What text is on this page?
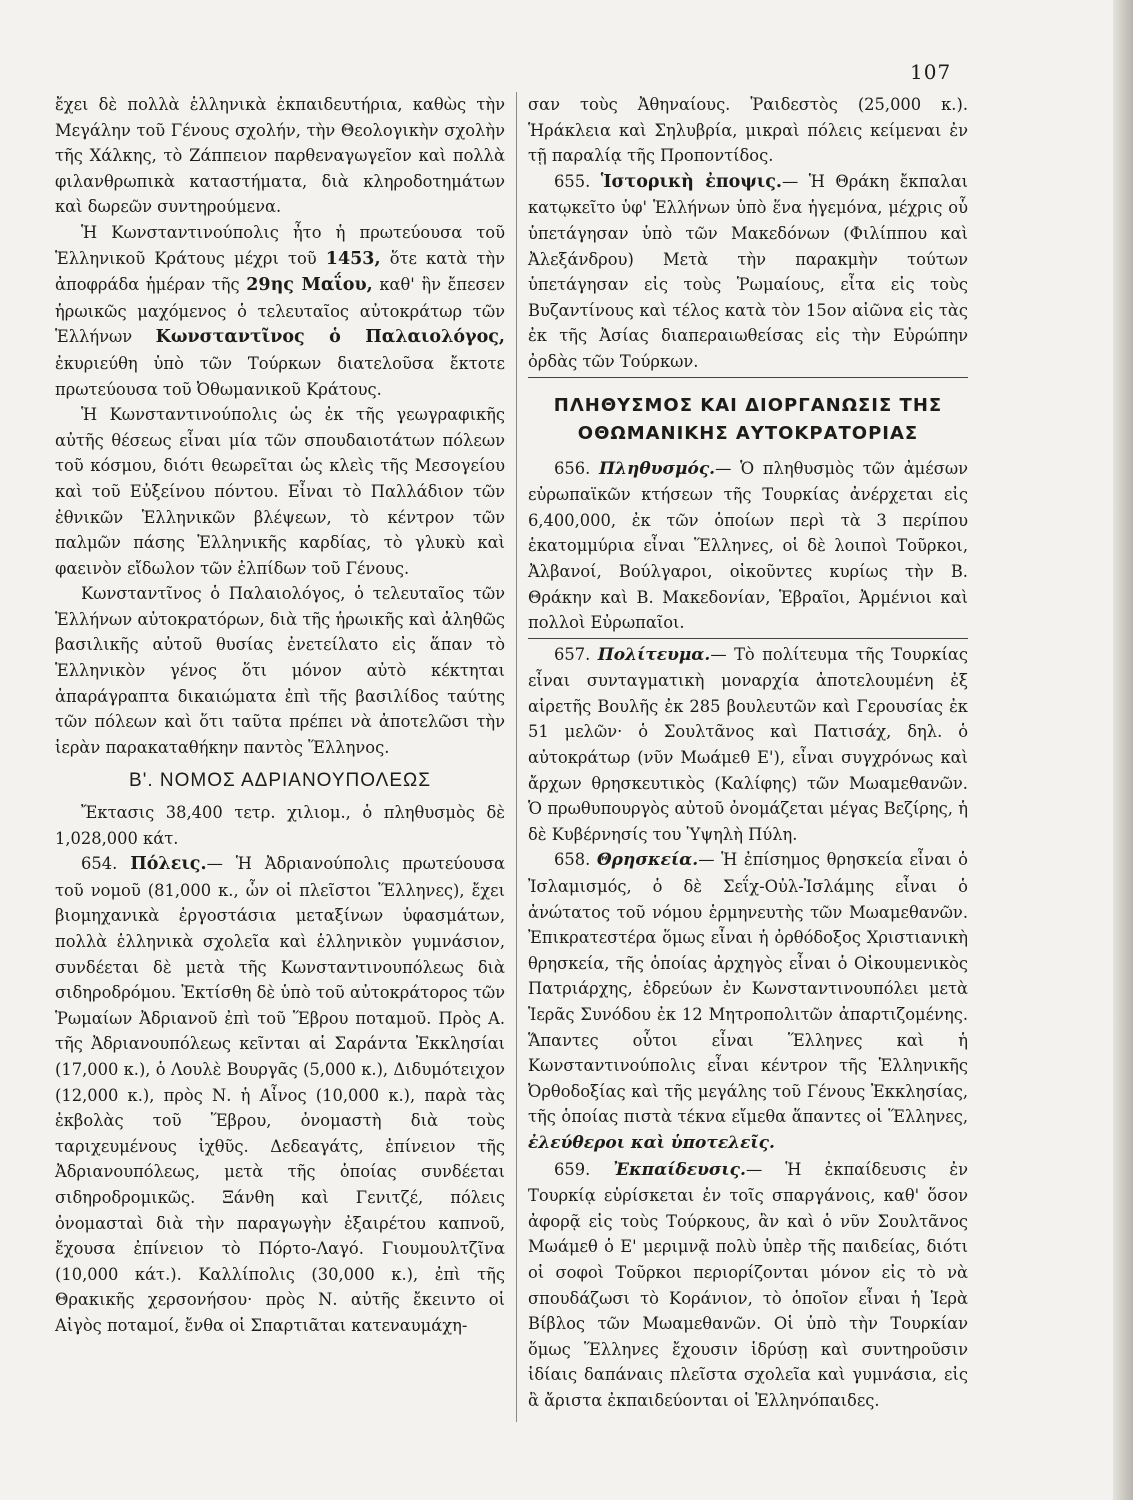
107

ἔχει δὲ πολλὰ ἑλληνικὰ ἐκπαιδευτήρια, καθὼς τὴν Μεγάλην τοῦ Γένους σχολήν, τὴν Θεολογικὴν σχολὴν τῆς Χάλκης, τὸ Ζάππειον παρθεναγωγεῖον καὶ πολλὰ φιλανθρωπικὰ καταστήματα, διὰ κληροδοτημάτων καὶ δωρεῶν συντηρούμενα.

Ἡ Κωνσταντινούπολις ἦτο ἡ πρωτεύουσα τοῦ Ἑλληνικοῦ Κράτους μέχρι τοῦ 1453, ὅτε κατὰ τὴν ἀποφράδα ἡμέραν τῆς 29ης Μαΐου, καθ' ἣν ἔπεσεν ἡρωικῶς μαχόμενος ὁ τελευταῖος αὐτοκράτωρ τῶν Ἑλλήνων Κωνσταντῖνος ὁ Παλαιολόγος, ἐκυριεύθη ὑπὸ τῶν Τούρκων διατελοῦσα ἔκτοτε πρωτεύουσα τοῦ Ὀθωμανικοῦ Κράτους.

Ἡ Κωνσταντινούπολις ὡς ἐκ τῆς γεωγραφικῆς αὐτῆς θέσεως εἶναι μία τῶν σπουδαιοτάτων πόλεων τοῦ κόσμου, διότι θεωρεῖται ὡς κλεὶς τῆς Μεσογείου καὶ τοῦ Εὐξείνου πόντου. Εἶναι τὸ Παλλάδιον τῶν ἐθνικῶν Ἑλληνικῶν βλέψεων, τὸ κέντρον τῶν παλμῶν πάσης Ἑλληνικῆς καρδίας, τὸ γλυκὺ καὶ φαεινὸν εἴδωλον τῶν ἐλπίδων τοῦ Γένους.

Κωνσταντῖνος ὁ Παλαιολόγος, ὁ τελευταῖος τῶν Ἑλλήνων αὐτοκρατόρων, διὰ τῆς ἡρωικῆς καὶ ἀληθῶς βασιλικῆς αὐτοῦ θυσίας ἐνετείλατο εἰς ἅπαν τὸ Ἑλληνικὸν γένος ὅτι μόνον αὐτὸ κέκτηται ἀπαράγραπτα δικαιώματα ἐπὶ τῆς βασιλίδος ταύτης τῶν πόλεων καὶ ὅτι ταῦτα πρέπει νὰ ἀποτελῶσι τὴν ἱερὰν παρακαταθήκην παντὸς Ἕλληνος.

Β'. ΝΟΜΟΣ ΑΔΡΙΑΝΟΥΠΟΛΕΩΣ

Ἔκτασις 38,400 τετρ. χιλιομ., ὁ πληθυσμὸς δὲ 1,028,000 κάτ.

654. Πόλεις.— Ἡ Ἀδριανούπολις πρωτεύουσα τοῦ νομοῦ (81,000 κ., ὧν οἱ πλεῖστοι Ἕλληνες), ἔχει βιομηχανικὰ ἐργοστάσια μεταξίνων ὑφασμάτων, πολλὰ ἑλληνικὰ σχολεῖα καὶ ἑλληνικὸν γυμνάσιον, συνδέεται δὲ μετὰ τῆς Κωνσταντινουπόλεως διὰ σιδηροδρόμου. Ἐκτίσθη δὲ ὑπὸ τοῦ αὐτοκράτορος τῶν Ῥωμαίων Ἀδριανοῦ ἐπὶ τοῦ Ἕβρου ποταμοῦ. Πρὸς Α. τῆς Ἀδριανουπόλεως κεῖνται αἱ Σαράντα Ἐκκλησίαι (17,000 κ.), ὁ Λουλὲ Βουργᾶς (5,000 κ.), Διδυμότειχον (12,000 κ.), πρὸς Ν. ἡ Αἶνος (10,000 κ.), παρὰ τὰς ἐκβολὰς τοῦ Ἕβρου, ὀνομαστὴ διὰ τοὺς ταριχευμένους ἰχθῦς. Δεδεαγάτς, ἐπίνειον τῆς Ἀδριανουπόλεως, μετὰ τῆς ὁποίας συνδέεται σιδηροδρομικῶς. Ξάνθη καὶ Γενιτζέ, πόλεις ὀνομασταὶ διὰ τὴν παραγωγὴν ἐξαιρέτου καπνοῦ, ἔχουσα ἐπίνειον τὸ Πόρτο-Λαγό. Γιουμουλτζῖνα (10,000 κάτ.). Καλλίπολις (30,000 κ.), ἐπὶ τῆς Θρακικῆς χερσονήσου· πρὸς Ν. αὐτῆς ἔκειντο οἱ Αἰγὸς ποταμοί, ἔνθα οἱ Σπαρτιᾶται κατεναυμάχη-

σαν τοὺς Ἀθηναίους. Ῥαιδεστὸς (25,000 κ.). Ἡράκλεια καὶ Σηλυβρία, μικραὶ πόλεις κείμεναι ἐν τῇ παραλίᾳ τῆς Προποντίδος.

655. Ἱστορικὴ ἐποψις.— Ἡ Θράκη ἔκπαλαι κατῳκεῖτο ὑφ' Ἑλλήνων ὑπὸ ἕνα ἡγεμόνα, μέχρις οὗ ὑπετάγησαν ὑπὸ τῶν Μακεδόνων (Φιλίππου καὶ Ἀλεξάνδρου) Μετὰ τὴν παρακμὴν τούτων ὑπετάγησαν εἰς τοὺς Ῥωμαίους, εἶτα εἰς τοὺς Βυζαντίνους καὶ τέλος κατὰ τὸν 15ον αἰῶνα εἰς τὰς ἐκ τῆς Ἀσίας διαπεραιωθείσας εἰς τὴν Εὐρώπην ὀρδὰς τῶν Τούρκων.

ΠΛΗΘΥΣΜΟΣ ΚΑΙ ΔΙΟΡΓΑΝΩΣΙΣ ΤΗΣ ΟΘΩΜΑΝΙΚΗΣ ΑΥΤΟΚΡΑΤΟΡΙΑΣ

656. Πληθυσμός.— Ὁ πληθυσμὸς τῶν ἀμέσων εὐρωπαϊκῶν κτήσεων τῆς Τουρκίας ἀνέρχεται εἰς 6,400,000, ἐκ τῶν ὁποίων περὶ τὰ 3 περίπου ἑκατομμύρια εἶναι Ἕλληνες, οἱ δὲ λοιποὶ Τοῦρκοι, Ἀλβανοί, Βούλγαροι, οἰκοῦντες κυρίως τὴν Β. Θράκην καὶ Β. Μακεδονίαν, Ἑβραῖοι, Ἀρμένιοι καὶ πολλοὶ Εὐρωπαῖοι.

657. Πολίτευμα.— Τὸ πολίτευμα τῆς Τουρκίας εἶναι συνταγματικὴ μοναρχία ἀποτελουμένη ἐξ αἱρετῆς Βουλῆς ἐκ 285 βουλευτῶν καὶ Γερουσίας ἐκ 51 μελῶν· ὁ Σουλτᾶνος καὶ Πατισάχ, δηλ. ὁ αὐτοκράτωρ (νῦν Μωάμεθ Ε'), εἶναι συγχρόνως καὶ ἄρχων θρησκευτικὸς (Καλίφης) τῶν Μωαμεθανῶν. Ὁ πρωθυπουργὸς αὐτοῦ ὀνομάζεται μέγας Βεζίρης, ἡ δὲ Κυβέρνησίς του Ὑψηλὴ Πύλη.

658. Θρησκεία.— Ἡ ἐπίσημος θρησκεία εἶναι ὁ Ἰσλαμισμός, ὁ δὲ Σεΐχ-Οὐλ-Ἰσλάμης εἶναι ὁ ἀνώτατος τοῦ νόμου ἑρμηνευτὴς τῶν Μωαμεθανῶν. Ἐπικρατεστέρα ὅμως εἶναι ἡ ὀρθόδοξος Χριστιανικὴ θρησκεία, τῆς ὁποίας ἀρχηγὸς εἶναι ὁ Οἰκουμενικὸς Πατριάρχης, ἑδρεύων ἐν Κωνσταντινουπόλει μετὰ Ἱερᾶς Συνόδου ἐκ 12 Μητροπολιτῶν ἀπαρτιζομένης. Ἅπαντες οὗτοι εἶναι Ἕλληνες καὶ ἡ Κωνσταντινούπολις εἶναι κέντρον τῆς Ἑλληνικῆς Ὀρθοδοξίας καὶ τῆς μεγάλης τοῦ Γένους Ἐκκλησίας, τῆς ὁποίας πιστὰ τέκνα εἴμεθα ἅπαντες οἱ Ἕλληνες, ἐλεύθεροι καὶ ὑποτελεῖς.

659. Ἐκπαίδευσις.— Ἡ ἐκπαίδευσις ἐν Τουρκίᾳ εὑρίσκεται ἐν τοῖς σπαργάνοις, καθ' ὅσον ἀφορᾷ εἰς τοὺς Τούρκους, ἂν καὶ ὁ νῦν Σουλτᾶνος Μωάμεθ ὁ Ε' μεριμνᾷ πολὺ ὑπὲρ τῆς παιδείας, διότι οἱ σοφοὶ Τοῦρκοι περιορίζονται μόνον εἰς τὸ νὰ σπουδάζωσι τὸ Κοράνιον, τὸ ὁποῖον εἶναι ἡ Ἱερὰ Βίβλος τῶν Μωαμεθανῶν. Οἱ ὑπὸ τὴν Τουρκίαν ὅμως Ἕλληνες ἔχουσιν ἱδρύσῃ καὶ συντηροῦσιν ἰδίαις δαπάναις πλεῖστα σχολεῖα καὶ γυμνάσια, εἰς ἃ ἄριστα ἐκπαιδεύονται οἱ Ἑλληνόπαιδες.
